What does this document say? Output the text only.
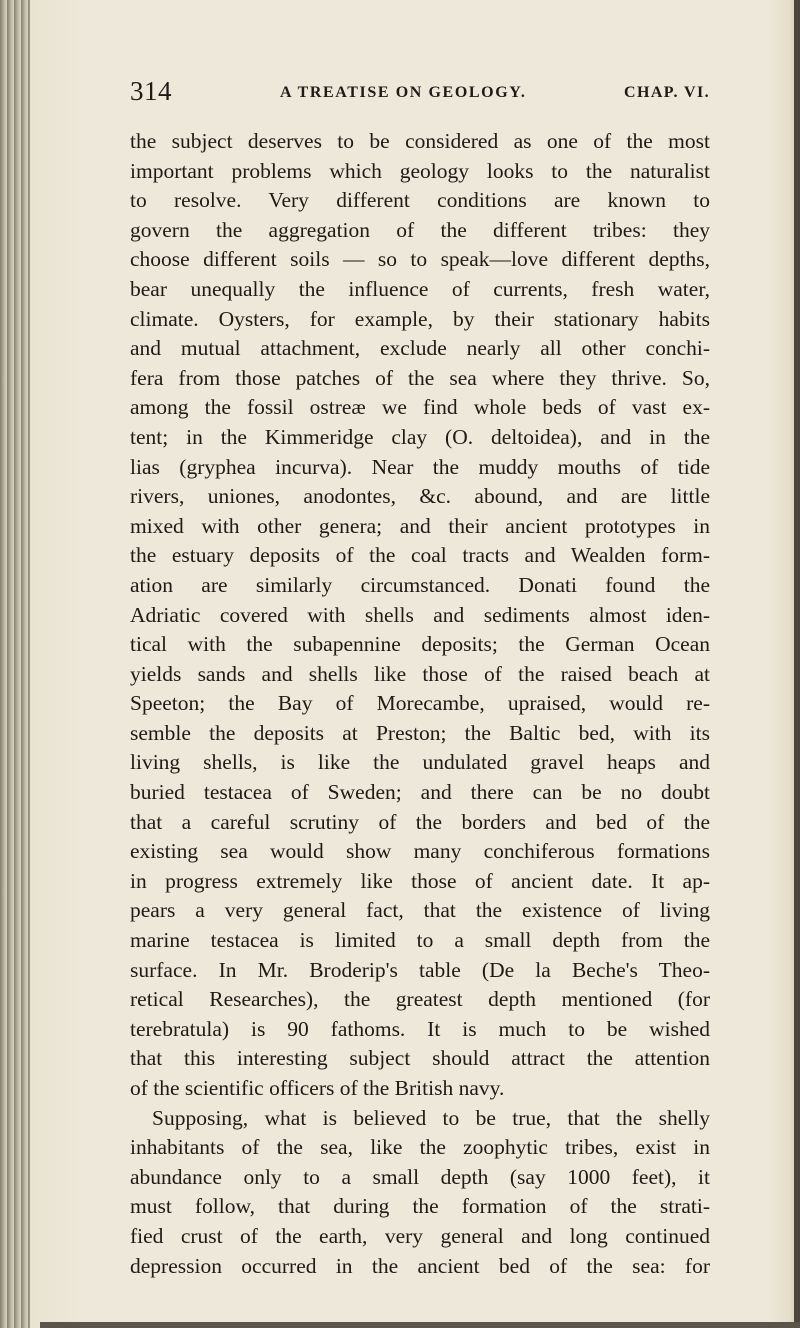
314	A TREATISE ON GEOLOGY.	CHAP. VI.
the subject deserves to be considered as one of the most
important problems which geology looks to the naturalist
to resolve. Very different conditions are known to
govern the aggregation of the different tribes: they
choose different soils — so to speak—love different depths,
bear unequally the influence of currents, fresh water,
climate. Oysters, for example, by their stationary habits
and mutual attachment, exclude nearly all other conchi-
fera from those patches of the sea where they thrive. So,
among the fossil ostreæ we find whole beds of vast ex-
tent; in the Kimmeridge clay (O. deltoidea), and in the
lias (gryphea incurva). Near the muddy mouths of tide
rivers, uniones, anodontes, &c. abound, and are little
mixed with other genera; and their ancient prototypes in
the estuary deposits of the coal tracts and Wealden form-
ation are similarly circumstanced. Donati found the
Adriatic covered with shells and sediments almost iden-
tical with the subapennine deposits; the German Ocean
yields sands and shells like those of the raised beach at
Speeton; the Bay of Morecambe, upraised, would re-
semble the deposits at Preston; the Baltic bed, with its
living shells, is like the undulated gravel heaps and
buried testacea of Sweden; and there can be no doubt
that a careful scrutiny of the borders and bed of the
existing sea would show many conchiferous formations
in progress extremely like those of ancient date. It ap-
pears a very general fact, that the existence of living
marine testacea is limited to a small depth from the
surface. In Mr. Broderip's table (De la Beche's Theo-
retical Researches), the greatest depth mentioned (for
terebratula) is 90 fathoms. It is much to be wished
that this interesting subject should attract the attention
of the scientific officers of the British navy.
Supposing, what is believed to be true, that the shelly
inhabitants of the sea, like the zoophytic tribes, exist in
abundance only to a small depth (say 1000 feet), it
must follow, that during the formation of the strati-
fied crust of the earth, very general and long continued
depression occurred in the ancient bed of the sea: for
